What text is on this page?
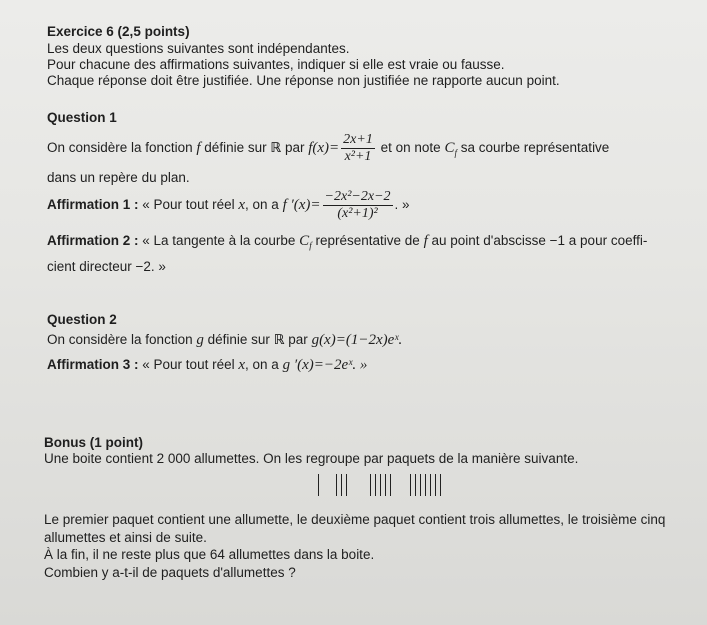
Exercice 6 (2,5 points)
Les deux questions suivantes sont indépendantes.
Pour chacune des affirmations suivantes, indiquer si elle est vraie ou fausse.
Chaque réponse doit être justifiée. Une réponse non justifiée ne rapporte aucun point.
Question 1
On considère la fonction f définie sur ℝ par $f(x)= \frac{2x+1}{\text{x²+1}}$ et on note $C_f$ sa courbe représentative
dans un repère du plan.
Affirmation 1 : « Pour tout réel x, on a f $'(x)= \frac{\text{−2x²−2x−2}}{\text{(x²+1)²}}$ . »
Affirmation 2 : « La tangente à la courbe $C_f$ représentative de f au point d'abscisse −1 a pour coeffi-
cient directeur −2. »
Question 2
On considère la fonction g définie sur ℝ par g(x)=(1−2x)eˣ.
Affirmation 3 : « Pour tout réel x, on a g ′(x)=−2eˣ. »
Bonus (1 point)
Une boite contient 2 000 allumettes. On les regroupe par paquets de la manière suivante.
Le premier paquet contient une allumette, le deuxième paquet contient trois allumettes, le troisième cinq
allumettes et ainsi de suite.
À la fin, il ne reste plus que 64 allumettes dans la boite.
Combien y a-t-il de paquets d'allumettes ?
